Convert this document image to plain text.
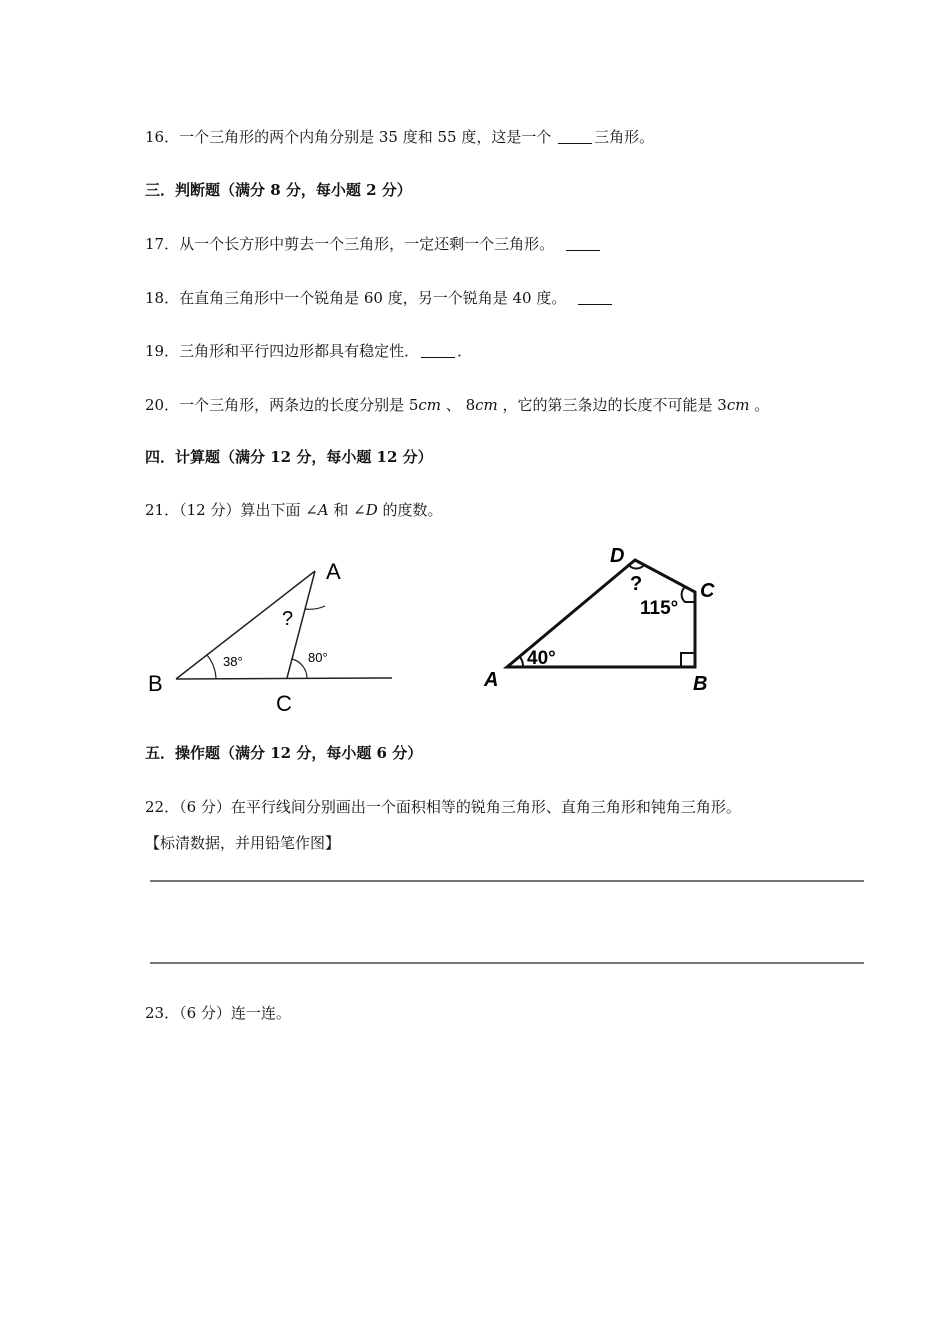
16．一个三角形的两个内角分别是 35 度和 55 度，这是一个	三角形。
三．判断题（满分 8 分，每小题 2 分）
17．从一个长方形中剪去一个三角形，一定还剩一个三角形。
18．在直角三角形中一个锐角是 60 度，另一个锐角是 40 度。
19．三角形和平行四边形都具有稳定性．	．
20．一个三角形，两条边的长度分别是 5cm 、 8cm ，它的第三条边的长度不可能是 3cm 。
四．计算题（满分 12 分，每小题 12 分）
21．（12 分）算出下面 ∠A 和 ∠D 的度数。
A
B
C
38°	80°
?
A	B
C
D
40°
115°
?
五．操作题（满分 12 分，每小题 6 分）
22．（6 分）在平行线间分别画出一个面积相等的锐角三角形、直角三角形和钝角三角形。
【标清数据，并用铅笔作图】
23．（6 分）连一连。
